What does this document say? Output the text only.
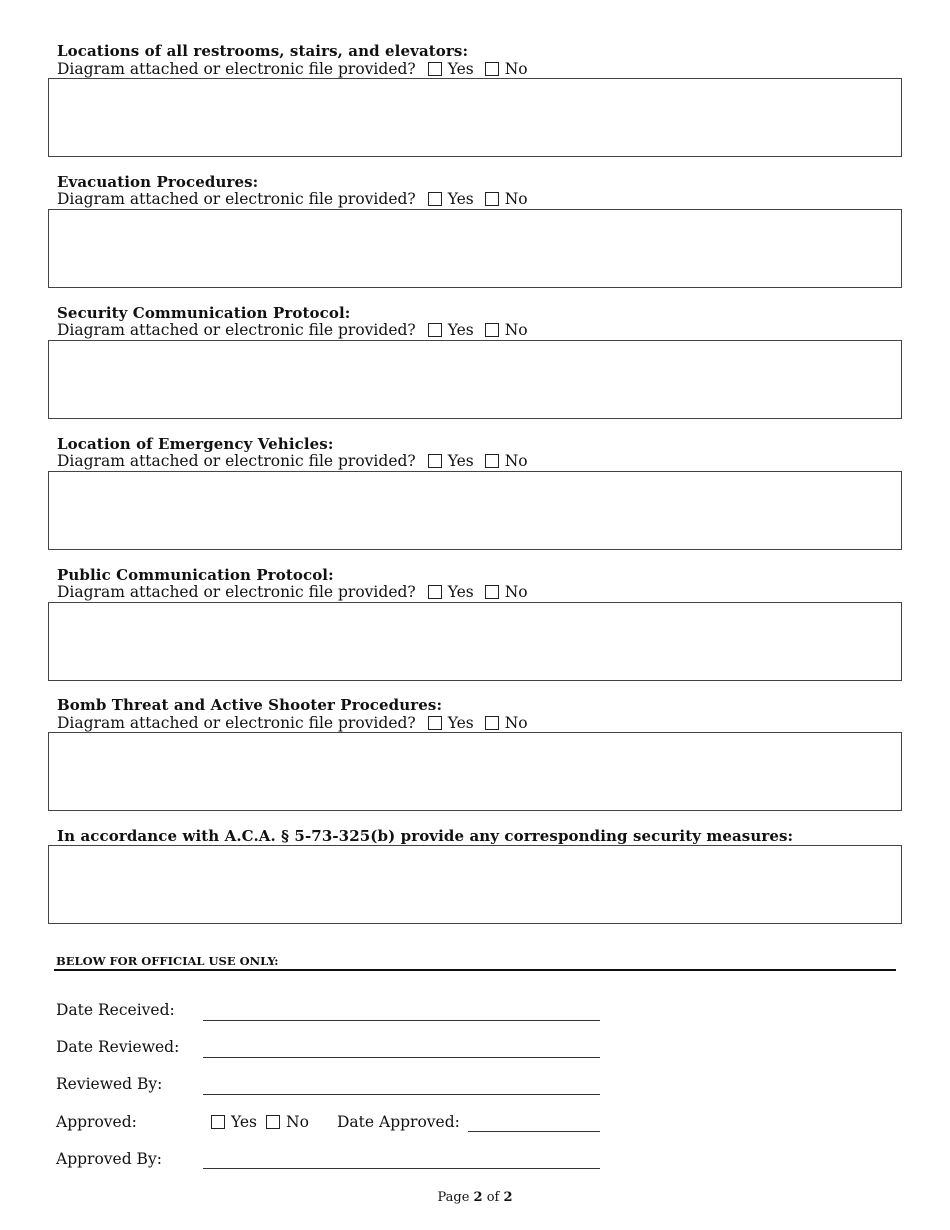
Locations of all restrooms, stairs, and elevators:
Diagram attached or electronic file provided? Yes No
Evacuation Procedures:
Diagram attached or electronic file provided? Yes No
Security Communication Protocol:
Diagram attached or electronic file provided? Yes No
Location of Emergency Vehicles:
Diagram attached or electronic file provided? Yes No
Public Communication Protocol:
Diagram attached or electronic file provided? Yes No
Bomb Threat and Active Shooter Procedures:
Diagram attached or electronic file provided? Yes No
In accordance with A.C.A. § 5-73-325(b) provide any corresponding security measures:
BELOW FOR OFFICIAL USE ONLY:
Date Received:
Date Reviewed:
Reviewed By:
Approved:	Yes No Date Approved:
Approved By:
Page 2 of 2
